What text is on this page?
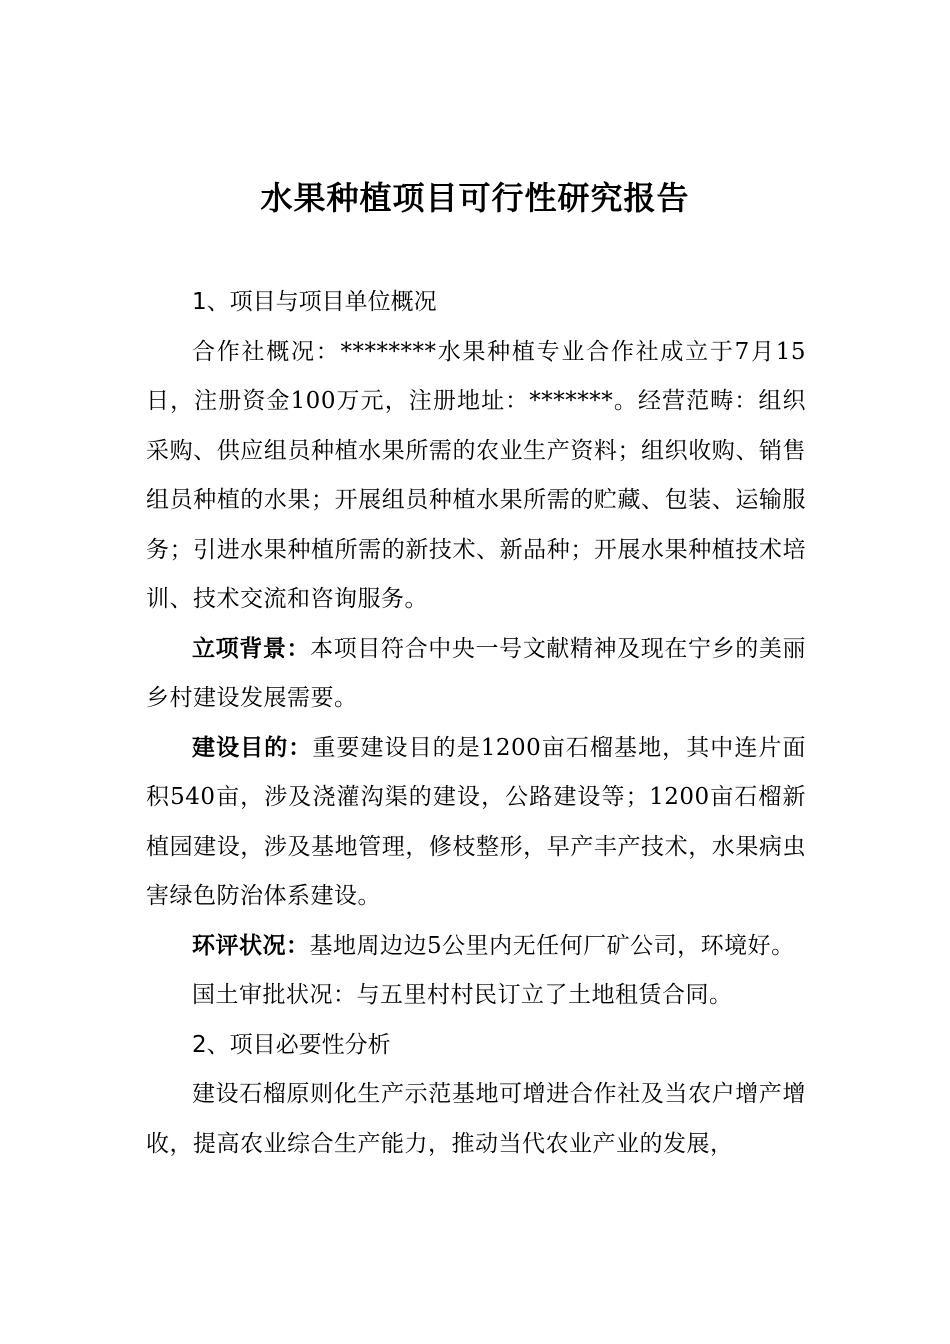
水果种植项目可行性研究报告

1、项目与项目单位概况

合作社概况：********水果种植专业合作社成立于7月15日，注册资金100万元，注册地址：*******。经营范畴：组织采购、供应组员种植水果所需的农业生产资料；组织收购、销售组员种植的水果；开展组员种植水果所需的贮藏、包装、运输服务；引进水果种植所需的新技术、新品种；开展水果种植技术培训、技术交流和咨询服务。

立项背景：本项目符合中央一号文献精神及现在宁乡的美丽乡村建设发展需要。

建设目的：重要建设目的是1200亩石榴基地，其中连片面积540亩，涉及浇灌沟渠的建设，公路建设等；1200亩石榴新植园建设，涉及基地管理，修枝整形，早产丰产技术，水果病虫害绿色防治体系建设。

环评状况：基地周边边5公里内无任何厂矿公司，环境好。

国土审批状况：与五里村村民订立了土地租赁合同。

2、项目必要性分析

建设石榴原则化生产示范基地可增进合作社及当农户增产增收，提高农业综合生产能力，推动当代农业产业的发展，
